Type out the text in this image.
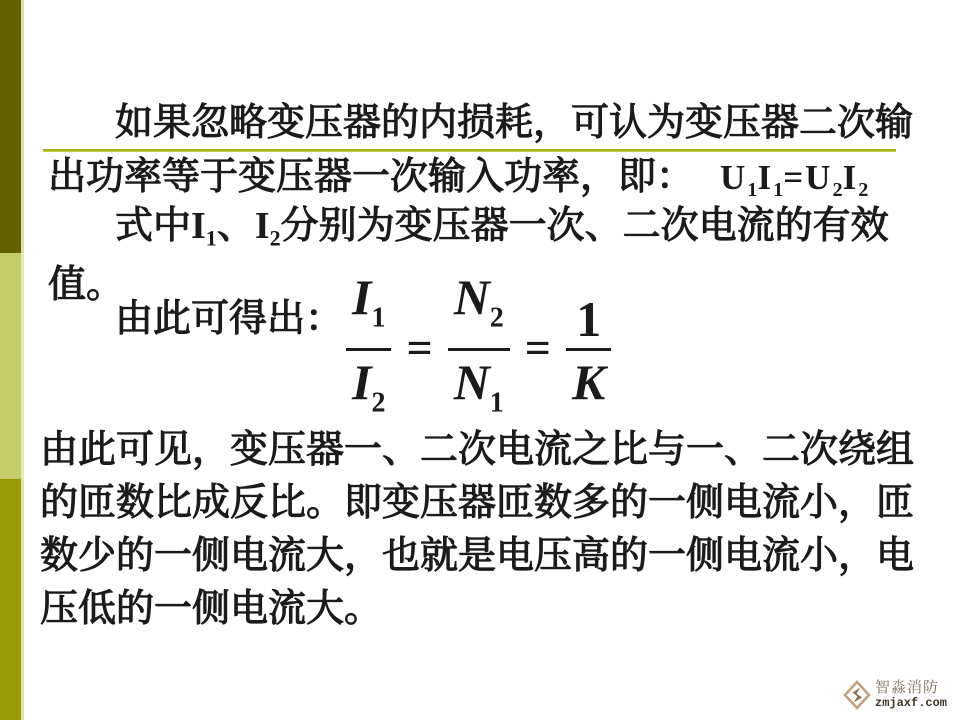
如果忽略变压器的内损耗，可认为变压器二次输
出功率等于变压器一次输入功率，即： $U_1I_1=U_2I_2$
式中$I_1$、$I_2$分别为变压器一次、二次电流的有效
值。
由此可得出： $\frac{I_1}{I_2} = \frac{N_2}{N_1} = \frac{1}{K}$
由此可见，变压器一、二次电流之比与一、二次绕组
的匝数比成反比。即变压器匝数多的一侧电流小，匝
数少的一侧电流大，也就是电压高的一侧电流小，电
压低的一侧电流大。
智淼消防
zmjaxf.com
